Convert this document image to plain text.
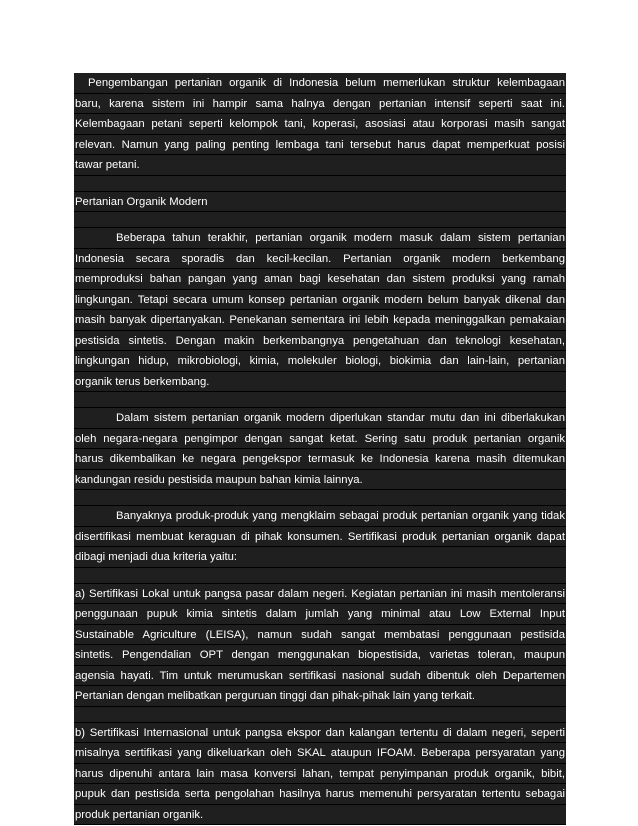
Pengembangan pertanian organik di Indonesia belum memerlukan struktur kelembagaan
baru, karena sistem ini hampir sama halnya dengan pertanian intensif seperti saat ini.
Kelembagaan petani seperti kelompok tani, koperasi, asosiasi atau korporasi masih sangat
relevan. Namun yang paling penting lembaga tani tersebut harus dapat memperkuat posisi
tawar petani.
Pertanian Organik Modern
Beberapa tahun terakhir, pertanian organik modern masuk dalam sistem pertanian
Indonesia secara sporadis dan kecil-kecilan. Pertanian organik modern berkembang
memproduksi bahan pangan yang aman bagi kesehatan dan sistem produksi yang ramah
lingkungan. Tetapi secara umum konsep pertanian organik modern belum banyak dikenal dan
masih banyak dipertanyakan. Penekanan sementara ini lebih kepada meninggalkan pemakaian
pestisida sintetis. Dengan makin berkembangnya pengetahuan dan teknologi kesehatan,
lingkungan hidup, mikrobiologi, kimia, molekuler biologi, biokimia dan lain-lain, pertanian
organik terus berkembang.
Dalam sistem pertanian organik modern diperlukan standar mutu dan ini diberlakukan
oleh negara-negara pengimpor dengan sangat ketat. Sering satu produk pertanian organik
harus dikembalikan ke negara pengekspor termasuk ke Indonesia karena masih ditemukan
kandungan residu pestisida maupun bahan kimia lainnya.
Banyaknya produk-produk yang mengklaim sebagai produk pertanian organik yang tidak
disertifikasi membuat keraguan di pihak konsumen. Sertifikasi produk pertanian organik dapat
dibagi menjadi dua kriteria yaitu:
a) Sertifikasi Lokal untuk pangsa pasar dalam negeri. Kegiatan pertanian ini masih mentoleransi
penggunaan pupuk kimia sintetis dalam jumlah yang minimal atau Low External Input
Sustainable Agriculture (LEISA), namun sudah sangat membatasi penggunaan pestisida
sintetis. Pengendalian OPT dengan menggunakan biopestisida, varietas toleran, maupun
agensia hayati. Tim untuk merumuskan sertifikasi nasional sudah dibentuk oleh Departemen
Pertanian dengan melibatkan perguruan tinggi dan pihak-pihak lain yang terkait.
b) Sertifikasi Internasional untuk pangsa ekspor dan kalangan tertentu di dalam negeri, seperti
misalnya sertifikasi yang dikeluarkan oleh SKAL ataupun IFOAM. Beberapa persyaratan yang
harus dipenuhi antara lain masa konversi lahan, tempat penyimpanan produk organik, bibit,
pupuk dan pestisida serta pengolahan hasilnya harus memenuhi persyaratan tertentu sebagai
produk pertanian organik.
